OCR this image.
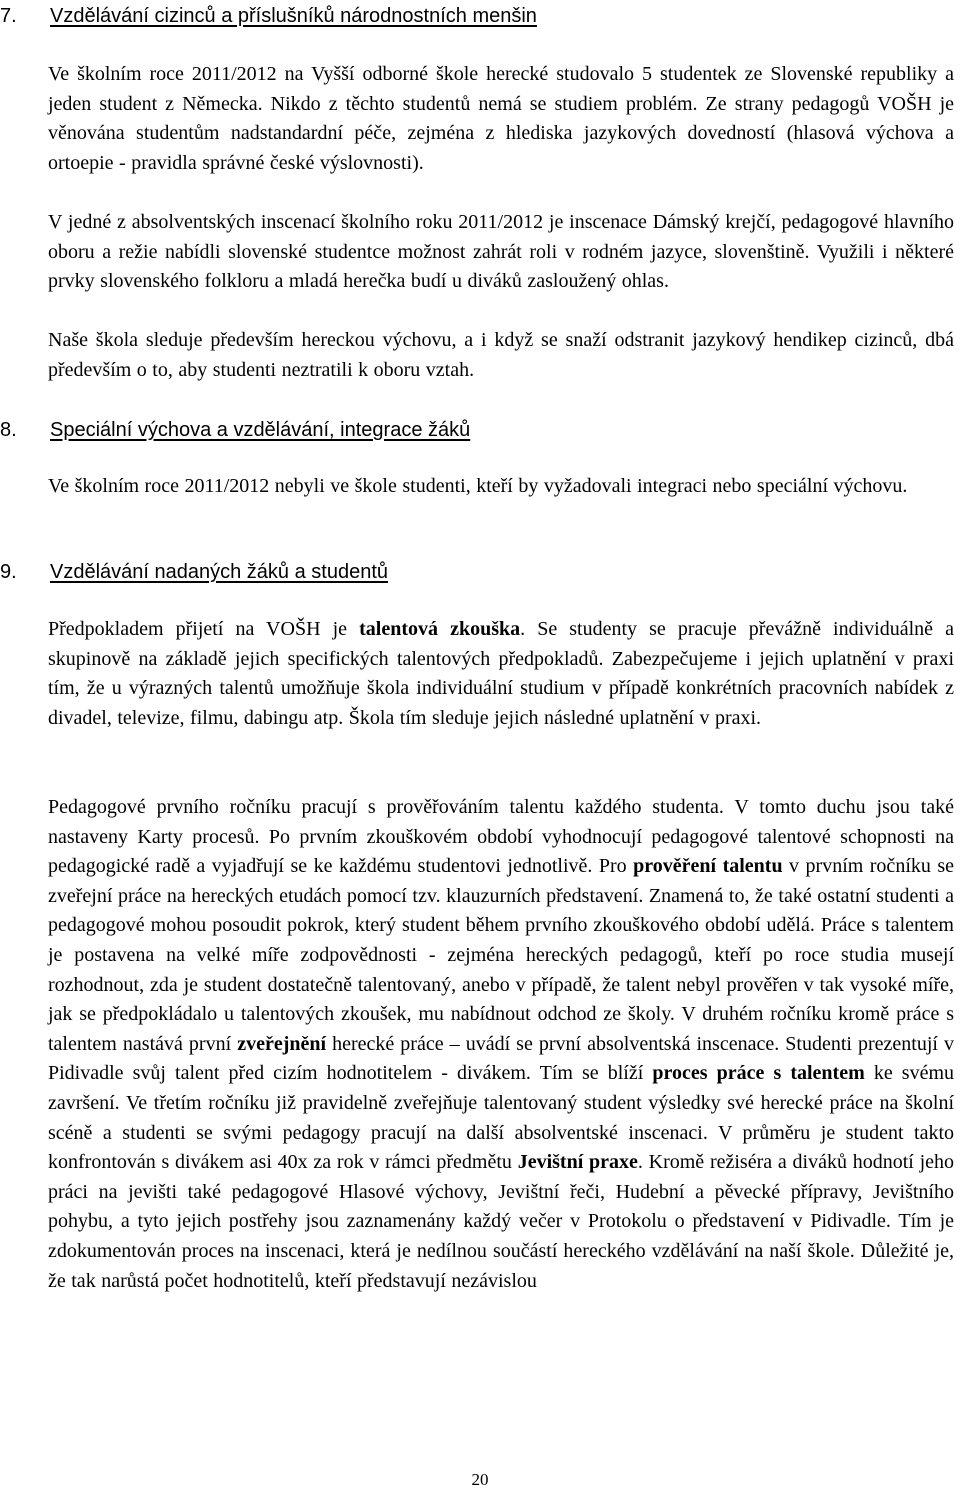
7.	Vzdělávání cizinců a příslušníků národnostních menšin

Ve školním roce 2011/2012 na Vyšší odborné škole herecké studovalo 5 studentek ze Slovenské republiky a jeden student z Německa. Nikdo z těchto studentů nemá se studiem problém. Ze strany pedagogů VOŠH je věnována studentům nadstandardní péče, zejména z hlediska jazykových dovedností (hlasová výchova a ortoepie - pravidla správné české výslovnosti).

V jedné z absolventských inscenací školního roku 2011/2012 je inscenace Dámský krejčí, pedagogové hlavního oboru a režie nabídli slovenské studentce možnost zahrát roli v rodném jazyce, slovenštině. Využili i některé prvky slovenského folkloru a mladá herečka budí u diváků zasloužený ohlas.

Naše škola sleduje především hereckou výchovu, a i když se snaží odstranit jazykový hendikep cizinců, dbá především o to, aby studenti neztratili k oboru vztah.

8.	Speciální výchova a vzdělávání, integrace žáků

Ve školním roce 2011/2012 nebyli ve škole studenti, kteří by vyžadovali integraci nebo speciální výchovu.

9.	Vzdělávání nadaných žáků a studentů

Předpokladem přijetí na VOŠH je talentová zkouška. Se studenty se pracuje převážně individuálně a skupinově na základě jejich specifických talentových předpokladů. Zabezpečujeme i jejich uplatnění v praxi tím, že u výrazných talentů umožňuje škola individuální studium v případě konkrétních pracovních nabídek z divadel, televize, filmu, dabingu atp. Škola tím sleduje jejich následné uplatnění v praxi.

Pedagogové prvního ročníku pracují s prověřováním talentu každého studenta. V tomto duchu jsou také nastaveny Karty procesů. Po prvním zkouškovém období vyhodnocují pedagogové talentové schopnosti na pedagogické radě a vyjadřují se ke každému studentovi jednotlivě. Pro prověření talentu v prvním ročníku se zveřejní práce na hereckých etudách pomocí tzv. klauzurních představení. Znamená to, že také ostatní studenti a pedagogové mohou posoudit pokrok, který student během prvního zkouškového období udělá. Práce s talentem je postavena na velké míře zodpovědnosti - zejména hereckých pedagogů, kteří po roce studia musejí rozhodnout, zda je student dostatečně talentovaný, anebo v případě, že talent nebyl prověřen v tak vysoké míře, jak se předpokládalo u talentových zkoušek, mu nabídnout odchod ze školy. V druhém ročníku kromě práce s talentem nastává první zveřejnění herecké práce – uvádí se první absolventská inscenace. Studenti prezentují v Pidivadle svůj talent před cizím hodnotitelem - divákem. Tím se blíží proces práce s talentem ke svému završení. Ve třetím ročníku již pravidelně zveřejňuje talentovaný student výsledky své herecké práce na školní scéně a studenti se svými pedagogy pracují na další absolventské inscenaci. V průměru je student takto konfrontován s divákem asi 40x za rok v rámci předmětu Jevištní praxe. Kromě režiséra a diváků hodnotí jeho práci na jevišti také pedagogové Hlasové výchovy, Jevištní řeči, Hudební a pěvecké přípravy, Jevištního pohybu, a tyto jejich postřehy jsou zaznamenány každý večer v Protokolu o představení v Pidivadle. Tím je zdokumentován proces na inscenaci, která je nedílnou součástí hereckého vzdělávání na naší škole. Důležité je, že tak narůstá počet hodnotitelů, kteří představují nezávislou

20
